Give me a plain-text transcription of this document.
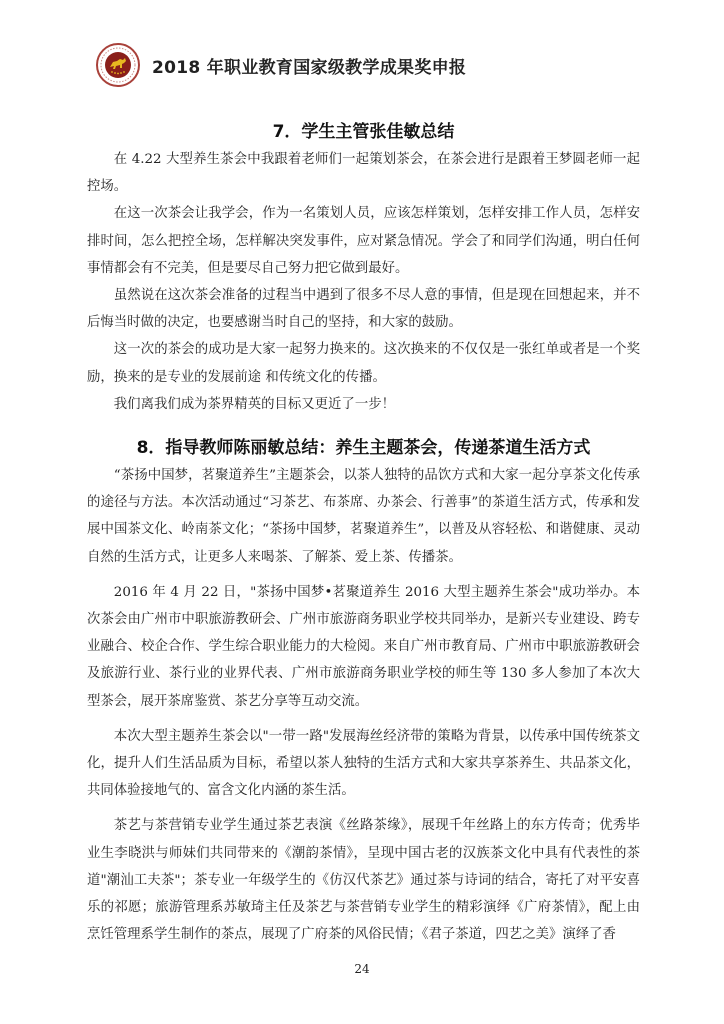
2018 年职业教育国家级教学成果奖申报
7．学生主管张佳敏总结

在 4.22 大型养生茶会中我跟着老师们一起策划茶会，在茶会进行是跟着王梦圆老师一起控场。

在这一次茶会让我学会，作为一名策划人员，应该怎样策划，怎样安排工作人员，怎样安排时间，怎么把控全场，怎样解决突发事件，应对紧急情况。学会了和同学们沟通，明白任何事情都会有不完美，但是要尽自己努力把它做到最好。

虽然说在这次茶会准备的过程当中遇到了很多不尽人意的事情，但是现在回想起来，并不后悔当时做的决定，也要感谢当时自己的坚持，和大家的鼓励。

这一次的茶会的成功是大家一起努力换来的。这次换来的不仅仅是一张红单或者是一个奖励，换来的是专业的发展前途 和传统文化的传播。

我们离我们成为茶界精英的目标又更近了一步！

8．指导教师陈丽敏总结：养生主题茶会，传递茶道生活方式

“茶扬中国梦，茗聚道养生”主题茶会，以茶人独特的品饮方式和大家一起分享茶文化传承的途径与方法。本次活动通过“习茶艺、布茶席、办茶会、行善事”的茶道生活方式，传承和发展中国茶文化、岭南茶文化；“茶扬中国梦，茗聚道养生”，以普及从容轻松、和谐健康、灵动自然的生活方式，让更多人来喝茶、了解茶、爱上茶、传播茶。

2016 年 4 月 22 日，"茶扬中国梦•茗聚道养生 2016 大型主题养生茶会"成功举办。本次茶会由广州市中职旅游教研会、广州市旅游商务职业学校共同举办，是新兴专业建设、跨专业融合、校企合作、学生综合职业能力的大检阅。来自广州市教育局、广州市中职旅游教研会及旅游行业、茶行业的业界代表、广州市旅游商务职业学校的师生等 130 多人参加了本次大型茶会，展开茶席鉴赏、茶艺分享等互动交流。

本次大型主题养生茶会以"一带一路"发展海丝经济带的策略为背景，以传承中国传统茶文化，提升人们生活品质为目标，希望以茶人独特的生活方式和大家共享茶养生、共品茶文化，共同体验接地气的、富含文化内涵的茶生活。

茶艺与茶营销专业学生通过茶艺表演《丝路茶缘》，展现千年丝路上的东方传奇；优秀毕业生李晓洪与师妹们共同带来的《潮韵茶情》，呈现中国古老的汉族茶文化中具有代表性的茶道"潮汕工夫茶"；茶专业一年级学生的《仿汉代茶艺》通过茶与诗词的结合，寄托了对平安喜乐的祁愿；旅游管理系苏敏琦主任及茶艺与茶营销专业学生的精彩演绎《广府茶情》，配上由烹饪管理系学生制作的茶点，展现了广府茶的风俗民情；《君子茶道，四艺之美》演绎了香

24
